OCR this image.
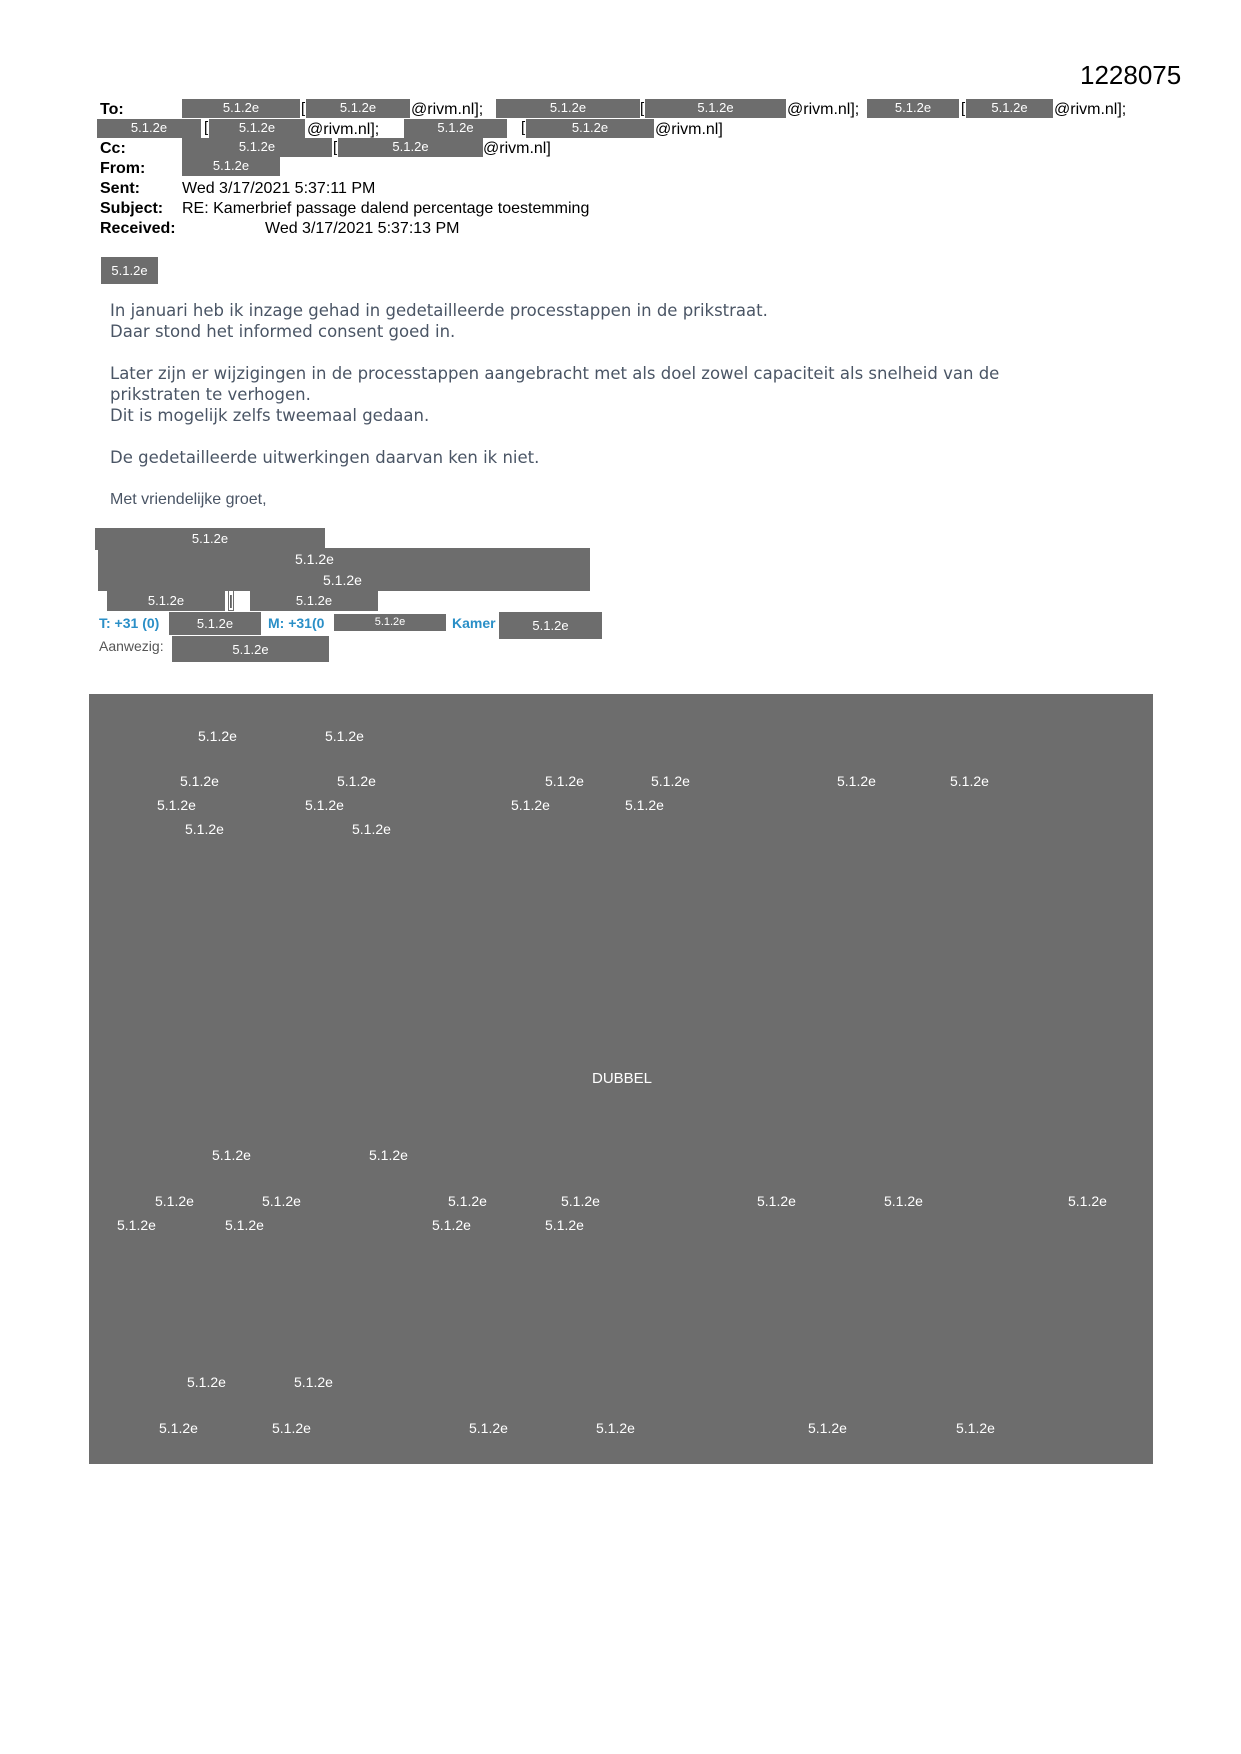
1228075
To:	5.1.2e	[	5.1.2e	@rivm.nl];	5.1.2e	[	5.1.2e	@rivm.nl];	5.1.2e	[	5.1.2e	@rivm.nl];
5.1.2e	[	5.1.2e	@rivm.nl];	5.1.2e	[	5.1.2e	@rivm.nl]
Cc:	5.1.2e	[	5.1.2e	@rivm.nl]
From:	5.1.2e
Sent:	Wed 3/17/2021 5:37:11 PM
Subject: RE: Kamerbrief passage dalend percentage toestemming
Received:	Wed 3/17/2021 5:37:13 PM
5.1.2e
In januari heb ik inzage gehad in gedetailleerde processtappen in de prikstraat.
Daar stond het informed consent goed in.
Later zijn er wijzigingen in de processtappen aangebracht met als doel zowel capaciteit als snelheid van de
prikstraten te verhogen.
Dit is mogelijk zelfs tweemaal gedaan.
De gedetailleerde uitwerkingen daarvan ken ik niet.
Met vriendelijke groet,
5.1.2e
5.1.2e
5.1.2e
5.1.2e	|	5.1.2e
T: +31 (0)	5.1.2e	M: +31(0	5.1.2e	Kamer	5.1.2e
Aanwezig:	5.1.2e
5.1.2e	5.1.2e
5.1.2e	5.1.2e	5.1.2e	5.1.2e	5.1.2e	5.1.2e
5.1.2e	5.1.2e	5.1.2e	5.1.2e
5.1.2e	5.1.2e
DUBBEL
5.1.2e	5.1.2e
5.1.2e	5.1.2e	5.1.2e	5.1.2e	5.1.2e	5.1.2e	5.1.2e
5.1.2e	5.1.2e	5.1.2e	5.1.2e
5.1.2e	5.1.2e
5.1.2e	5.1.2e	5.1.2e	5.1.2e	5.1.2e	5.1.2e
